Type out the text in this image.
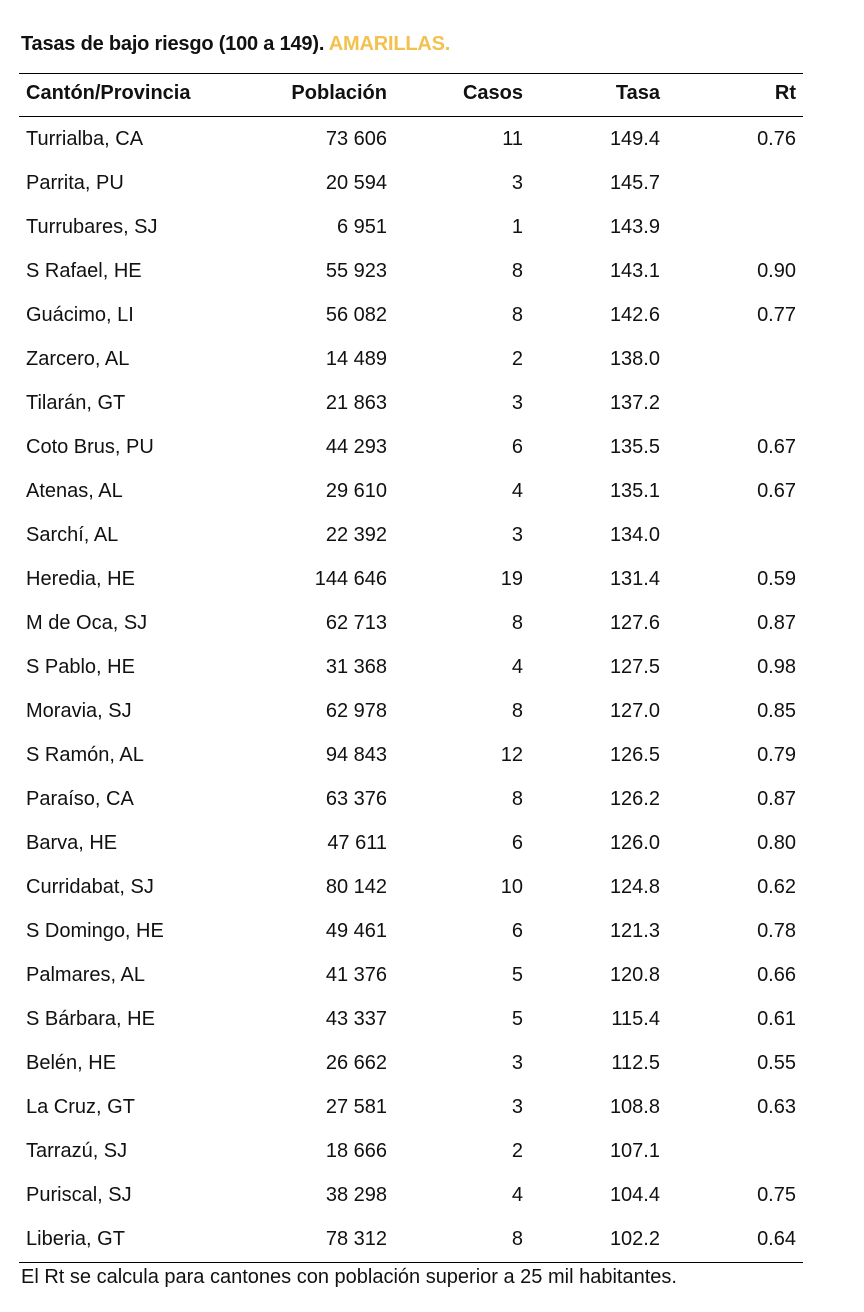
Tasas de bajo riesgo (100 a 149). AMARILLAS.
Cantón/Provincia	Población	Casos	Tasa	Rt
Turrialba, CA	73 606	11	149.4	0.76
Parrita, PU	20 594	3	145.7
Turrubares, SJ	6 951	1	143.9
S Rafael, HE	55 923	8	143.1	0.90
Guácimo, LI	56 082	8	142.6	0.77
Zarcero, AL	14 489	2	138.0
Tilarán, GT	21 863	3	137.2
Coto Brus, PU	44 293	6	135.5	0.67
Atenas, AL	29 610	4	135.1	0.67
Sarchí, AL	22 392	3	134.0
Heredia, HE	144 646	19	131.4	0.59
M de Oca, SJ	62 713	8	127.6	0.87
S Pablo, HE	31 368	4	127.5	0.98
Moravia, SJ	62 978	8	127.0	0.85
S Ramón, AL	94 843	12	126.5	0.79
Paraíso, CA	63 376	8	126.2	0.87
Barva, HE	47 611	6	126.0	0.80
Curridabat, SJ	80 142	10	124.8	0.62
S Domingo, HE	49 461	6	121.3	0.78
Palmares, AL	41 376	5	120.8	0.66
S Bárbara, HE	43 337	5	115.4	0.61
Belén, HE	26 662	3	112.5	0.55
La Cruz, GT	27 581	3	108.8	0.63
Tarrazú, SJ	18 666	2	107.1
Puriscal, SJ	38 298	4	104.4	0.75
Liberia, GT	78 312	8	102.2	0.64
El Rt se calcula para cantones con población superior a 25 mil habitantes.
